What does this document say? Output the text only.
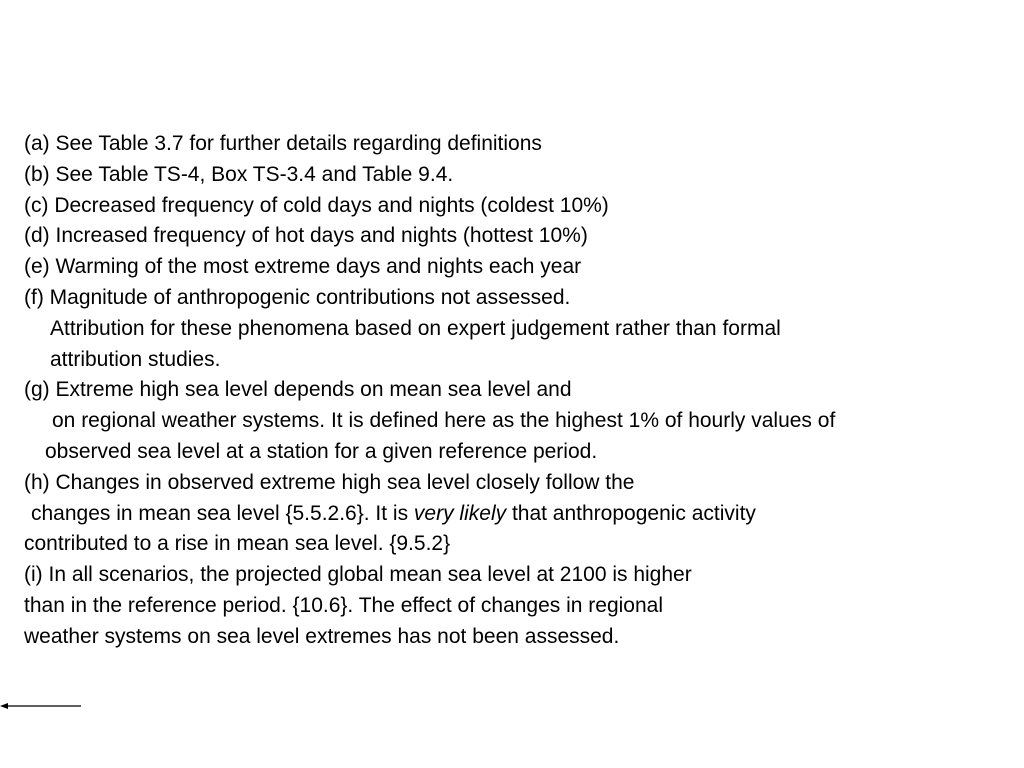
(a) See Table 3.7 for further details regarding definitions
(b) See Table TS-4, Box TS-3.4 and Table 9.4.
(c) Decreased frequency of cold days and nights (coldest 10%)
(d) Increased frequency of hot days and nights (hottest 10%)
(e) Warming of the most extreme days and nights each year
(f) Magnitude of anthropogenic contributions not assessed.
Attribution for these phenomena based on expert judgement rather than formal
attribution studies.
(g) Extreme high sea level depends on mean sea level and
on regional weather systems. It is defined here as the highest 1% of hourly values of
observed sea level at a station for a given reference period.
(h) Changes in observed extreme high sea level closely follow the
changes in mean sea level {5.5.2.6}. It is very likely that anthropogenic activity
contributed to a rise in mean sea level. {9.5.2}
(i) In all scenarios, the projected global mean sea level at 2100 is higher
than in the reference period. {10.6}. The effect of changes in regional
weather systems on sea level extremes has not been assessed.
